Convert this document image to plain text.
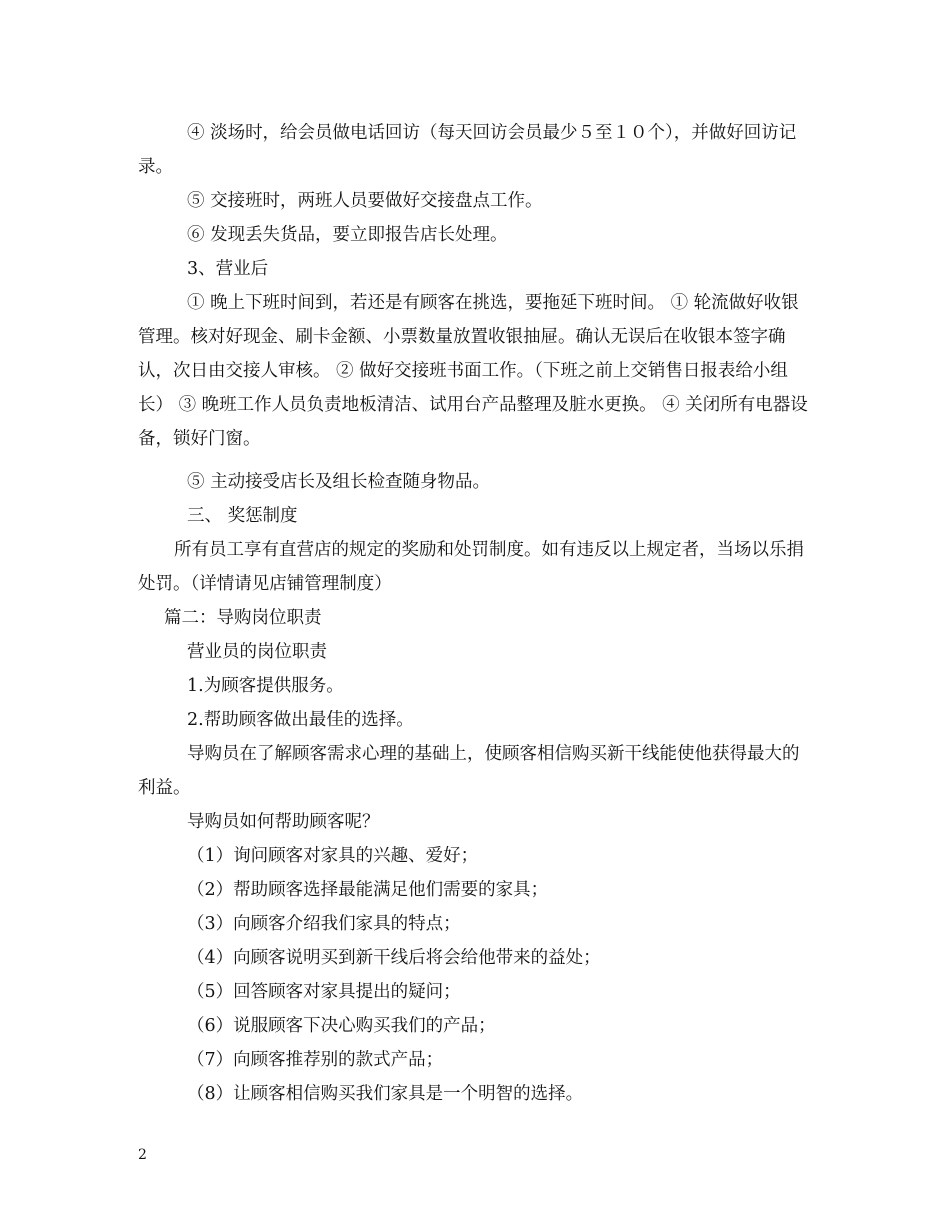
④ 淡场时，给会员做电话回访（每天回访会员最少５至１０个），并做好回访记录。
⑤ 交接班时，两班人员要做好交接盘点工作。
⑥ 发现丢失货品，要立即报告店长处理。
3、营业后
① 晚上下班时间到，若还是有顾客在挑选，要拖延下班时间。 ① 轮流做好收银管理。核对好现金、刷卡金额、小票数量放置收银抽屉。确认无误后在收银本签字确认，次日由交接人审核。 ② 做好交接班书面工作。（下班之前上交销售日报表给小组长） ③ 晚班工作人员负责地板清洁、试用台产品整理及脏水更换。 ④ 关闭所有电器设备，锁好门窗。
⑤ 主动接受店长及组长检查随身物品。
三、 奖惩制度
所有员工享有直营店的规定的奖励和处罚制度。如有违反以上规定者，当场以乐捐处罚。（详情请见店铺管理制度）
篇二：导购岗位职责
营业员的岗位职责
1.为顾客提供服务。
2.帮助顾客做出最佳的选择。
导购员在了解顾客需求心理的基础上，使顾客相信购买新干线能使他获得最大的利益。
导购员如何帮助顾客呢？
（1）询问顾客对家具的兴趣、爱好；
（2）帮助顾客选择最能满足他们需要的家具；
（3）向顾客介绍我们家具的特点；
（4）向顾客说明买到新干线后将会给他带来的益处；
（5）回答顾客对家具提出的疑问；
（6）说服顾客下决心购买我们的产品；
（7）向顾客推荐别的款式产品；
（8）让顾客相信购买我们家具是一个明智的选择。
2
